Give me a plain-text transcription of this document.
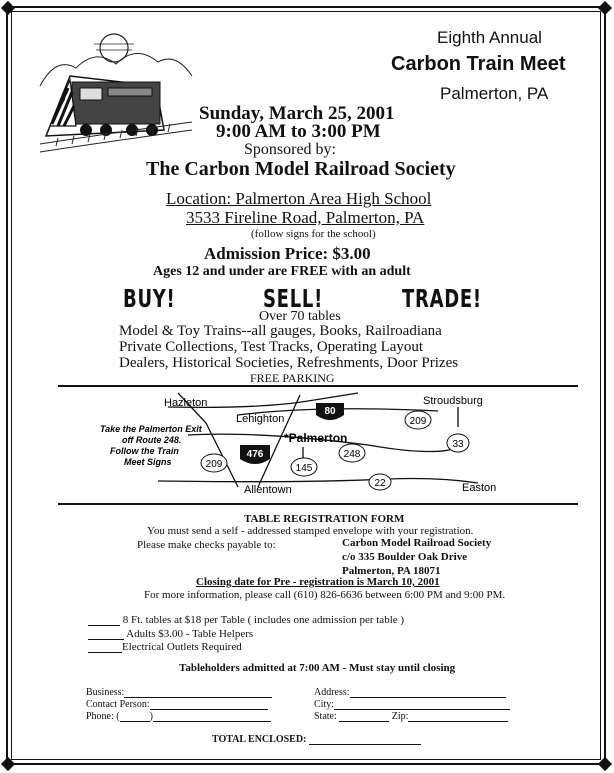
Eighth Annual
Carbon Train Meet
Palmerton, PA
Sunday, March 25, 2001
9:00 AM to 3:00 PM
Sponsored by:
The Carbon Model Railroad Society
Location: Palmerton Area High School
3533 Fireline Road, Palmerton, PA
(follow signs for the school)
Admission Price: $3.00
Ages 12 and under are FREE with an adult
BUY!	SELL!	TRADE!
Over 70 tables
Model & Toy Trains--all gauges, Books, Railroadiana
Private Collections, Test Tracks, Operating Layout
Dealers, Historical Societies, Refreshments, Door Prizes
FREE PARKING
Hazleton
Lehighton
Stroudsburg
*Palmerton
Allentown	Easton
80
476
209
33
248
145
209
22
Take the Palmerton Exit
off Route 248.
Follow the Train
Meet Signs
TABLE REGISTRATION FORM
You must send a self - addressed stamped envelope with your registration.
Please make checks payable to:	Carbon Model Railroad Society
c/o 335 Boulder Oak Drive
Palmerton, PA 18071
Closing date for Pre - registration is March 10, 2001
For more information, please call (610) 826-6636 between 6:00 PM and 9:00 PM.
8 Ft. tables at $18 per Table ( includes one admission per table )
Adults $3.00 - Table Helpers
Electrical Outlets Required
Tableholders admitted at 7:00 AM - Must stay until closing
Business:
Contact Person:
Phone: (	)
Address:
City:
State:	Zip:
TOTAL ENCLOSED:
